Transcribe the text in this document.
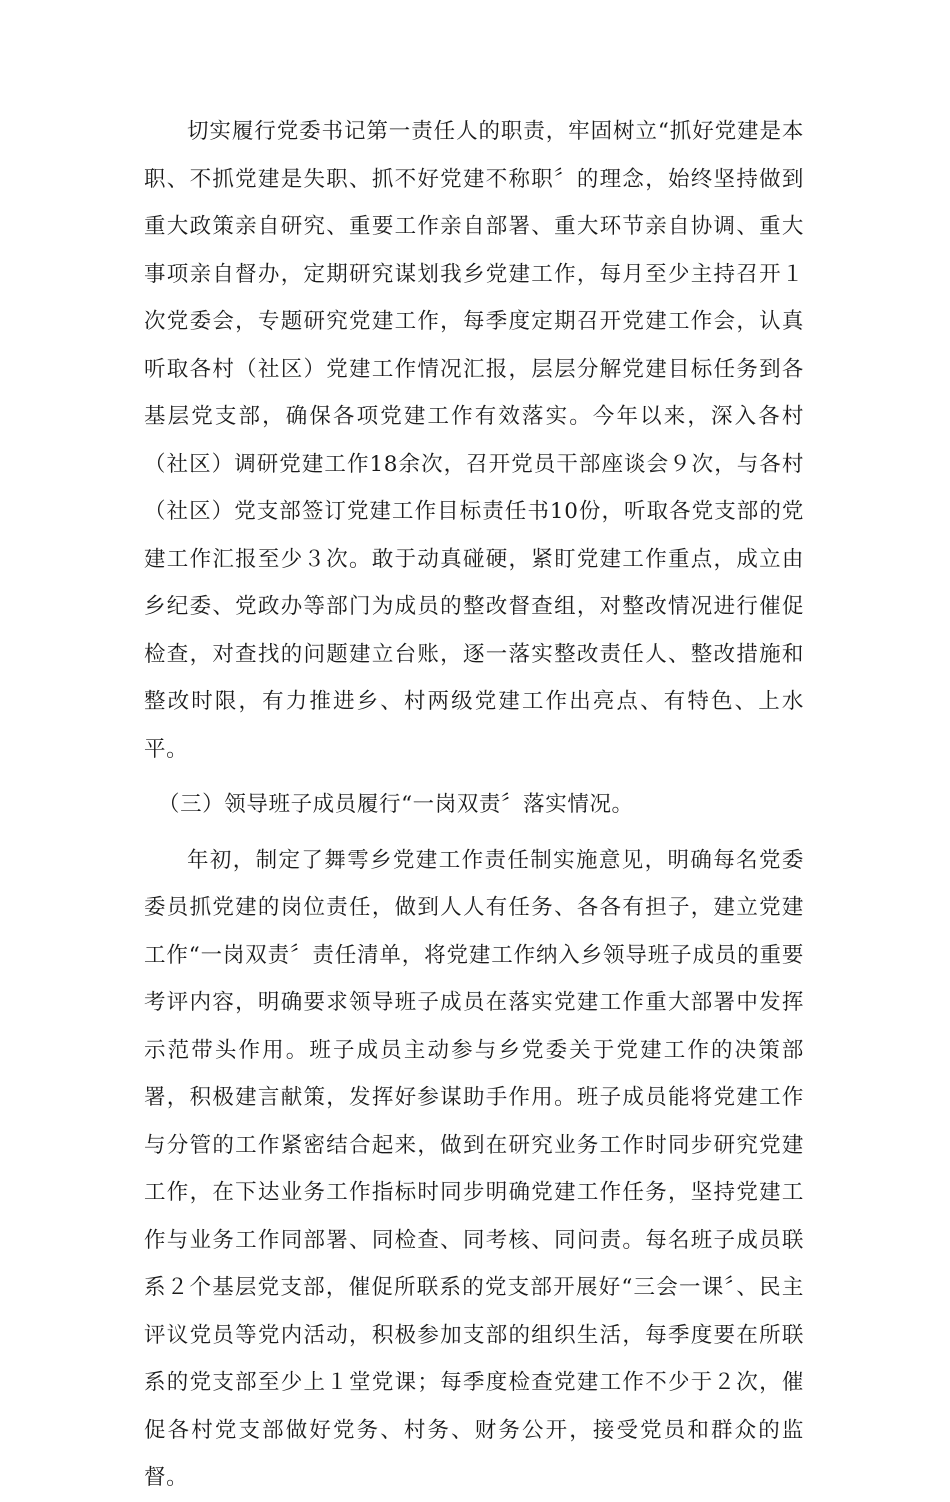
切实履行党委书记第一责任人的职责，牢固树立“抓好党建是本职、不抓党建是失职、抓不好党建不称职〞的理念，始终坚持做到重大政策亲自研究、重要工作亲自部署、重大环节亲自协调、重大事项亲自督办，定期研究谋划我乡党建工作，每月至少主持召开１次党委会，专题研究党建工作，每季度定期召开党建工作会，认真听取各村（社区）党建工作情况汇报，层层分解党建目标任务到各基层党支部，确保各项党建工作有效落实。今年以来，深入各村（社区）调研党建工作18余次，召开党员干部座谈会９次，与各村（社区）党支部签订党建工作目标责任书10份，听取各党支部的党建工作汇报至少３次。敢于动真碰硬，紧盯党建工作重点，成立由乡纪委、党政办等部门为成员的整改督查组，对整改情况进行催促检查，对查找的问题建立台账，逐一落实整改责任人、整改措施和整改时限，有力推进乡、村两级党建工作出亮点、有特色、上水平。

（三）领导班子成员履行“一岗双责〞落实情况。

年初，制定了舞雩乡党建工作责任制实施意见，明确每名党委委员抓党建的岗位责任，做到人人有任务、各各有担子，建立党建工作“一岗双责〞责任清单，将党建工作纳入乡领导班子成员的重要考评内容，明确要求领导班子成员在落实党建工作重大部署中发挥示范带头作用。班子成员主动参与乡党委关于党建工作的决策部署，积极建言献策，发挥好参谋助手作用。班子成员能将党建工作与分管的工作紧密结合起来，做到在研究业务工作时同步研究党建工作，在下达业务工作指标时同步明确党建工作任务，坚持党建工作与业务工作同部署、同检查、同考核、同问责。每名班子成员联系２个基层党支部，催促所联系的党支部开展好“三会一课〞、民主评议党员等党内活动，积极参加支部的组织生活，每季度要在所联系的党支部至少上１堂党课；每季度检查党建工作不少于２次，催促各村党支部做好党务、村务、财务公开，接受党员和群众的监督。
